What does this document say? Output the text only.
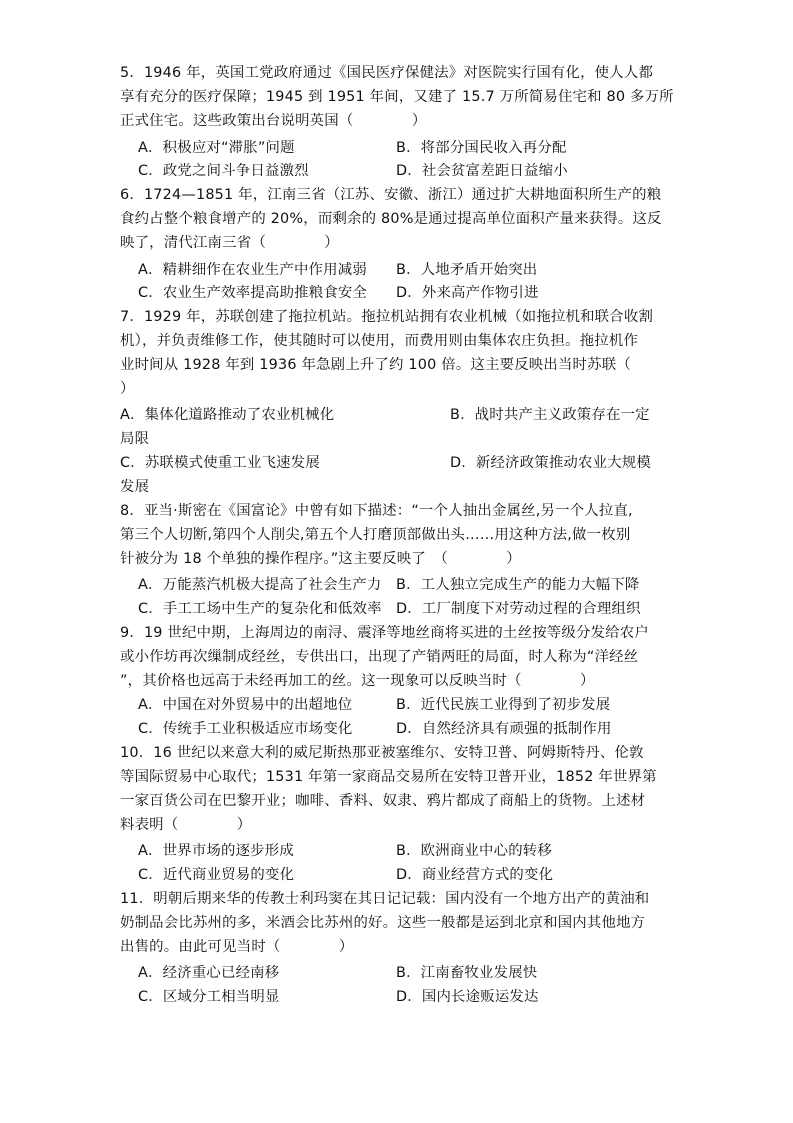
5．1946 年，英国工党政府通过《国民医疗保健法》对医院实行国有化，使人人都
享有充分的医疗保障；1945 到 1951 年间，又建了 15.7 万所简易住宅和 80 多万所
正式住宅。这些政策出台说明英国（　　　　）
A．积极应对“滞胀”问题	B．将部分国民收入再分配
C．政党之间斗争日益激烈	D．社会贫富差距日益缩小
6．1724—1851 年，江南三省（江苏、安徽、浙江）通过扩大耕地面积所生产的粮
食约占整个粮食增产的 20%，而剩余的 80%是通过提高单位面积产量来获得。这反
映了，清代江南三省（　　　　）
A．精耕细作在农业生产中作用减弱 B．人地矛盾开始突出
C．农业生产效率提高助推粮食安全 D．外来高产作物引进
7．1929 年，苏联创建了拖拉机站。拖拉机站拥有农业机械（如拖拉机和联合收割
机），并负责维修工作，使其随时可以使用，而费用则由集体农庄负担。拖拉机作
业时间从 1928 年到 1936 年急剧上升了约 100 倍。这主要反映出当时苏联（
）
A．集体化道路推动了农业机械化	B．战时共产主义政策存在一定
局限
C．苏联模式使重工业飞速发展	D．新经济政策推动农业大规模
发展
8．亚当·斯密在《国富论》中曾有如下描述：“一个人抽出金属丝,另一个人拉直,
第三个人切断,第四个人削尖,第五个人打磨顶部做出头……用这种方法,做一枚别
针被分为 18 个单独的操作程序。”这主要反映了　（　　　　）
A．万能蒸汽机极大提高了社会生产力 B．工人独立完成生产的能力大幅下降
C．手工工场中生产的复杂化和低效率 D．工厂制度下对劳动过程的合理组织
9．19 世纪中期，上海周边的南浔、震泽等地丝商将买进的土丝按等级分发给农户
或小作坊再次缫制成经丝，专供出口，出现了产销两旺的局面，时人称为“洋经丝
”，其价格也远高于未经再加工的丝。这一现象可以反映当时（　　　　）
A．中国在对外贸易中的出超地位	B．近代民族工业得到了初步发展
C．传统手工业积极适应市场变化	D．自然经济具有顽强的抵制作用
10．16 世纪以来意大利的威尼斯热那亚被塞维尔、安特卫普、阿姆斯特丹、伦敦
等国际贸易中心取代；1531 年第一家商品交易所在安特卫普开业，1852 年世界第
一家百货公司在巴黎开业；咖啡、香料、奴隶、鸦片都成了商船上的货物。上述材
料表明（　　　　）
A．世界市场的逐步形成	B．欧洲商业中心的转移
C．近代商业贸易的变化	D．商业经营方式的变化
11．明朝后期来华的传教士利玛窦在其日记记载：国内没有一个地方出产的黄油和
奶制品会比苏州的多，米酒会比苏州的好。这些一般都是运到北京和国内其他地方
出售的。由此可见当时（　　　　）
A．经济重心已经南移	B．江南畜牧业发展快
C．区域分工相当明显	D．国内长途贩运发达
